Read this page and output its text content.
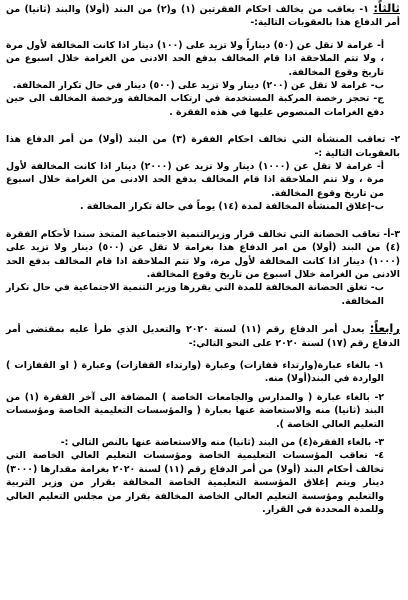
ثالثاً: ١- يعاقب من يخالف احكام الفقرتين (١) و(٢) من البند (أولا) والبند (ثانيا) من أمر الدفاع هذا بالعقوبات التالية:-

أ- غرامة لا تقل عن (٥٠) ديناراً ولا تزيد على (١٠٠) دينار اذا كانت المخالفة لأول مرة ، ولا تتم الملاحقة اذا قام المخالف بدفع الحد الادنى من الغرامة خلال اسبوع من تاريخ وقوع المخالفة.

ب- غرامة لا تقل عن (٢٠٠) دينار ولا تزيد على (٥٠٠) دينار في حال تكرار المخالفة.

ج- تحجز رخصة المركبة المستخدمة في ارتكاب المخالفة ورخصة المخالف الى حين دفع الغرامات المنصوص عليها في هذه الفقرة .

٢- تعاقب المنشأة التي تخالف احكام الفقرة (٣) من البند (أولا) من أمر الدفاع هذا بالعقوبات التالية :-

أ- غرامة لا تقل عن (١٠٠٠) دينار ولا تزيد عن (٢٠٠٠) دينار اذا كانت المخالفة لأول مرة ، ولا تتم الملاحقة اذا قام المخالف بدفع الحد الادنى من الغرامة خلال اسبوع من تاريخ وقوع المخالفة.

ب-إغلاق المنشأة المخالفة لمدة (١٤) يوماً في حالة تكرار المخالفة .

٣-أ- تعاقب الحضانة التي تخالف قرار وزيرالتنمية الاجتماعية المتخذ سندا لأحكام الفقرة (٤) من البند (أولا) من امر الدفاع هذا بغرامة لا تقل عن (٥٠٠) دينار ولا تزيد على (١٠٠٠) دينار اذا كانت المخالفة لأول مرة، ولا تتم الملاحقة اذا قام المخالف بدفع الحد الادنى من الغرامة خلال اسبوع من تاريخ وقوع المخالفة.

ب- تغلق الحضانة المخالفة للمدة التي يقررها وزير التنمية الاجتماعية في حال تكرار المخالفة.

رابعاً: يعدل أمر الدفاع رقم (١١) لسنة ٢٠٢٠ والتعديل الذي طرأ عليه بمقتضى أمر الدفاع رقم (١٧) لسنة ٢٠٢٠ على النحو التالي:-

١- بالغاء عبارة(وارتداء قفازات) وعبارة (وارتداء القفازات) وعبارة ( او القفازات ) الواردة في البند(أولا) منه.

٢- بالغاء عبارة ( والمدارس والجامعات الخاصة ) المضافة الى آخر الفقرة (١) من البند (ثانيا) منه والاستعاضة عنها بعبارة ( والمؤسسات التعليمية الخاصة ومؤسسات التعليم العالي الخاصة ).

٣- بالغاء الفقرة(٤) من البند (ثانيا) منه والاستعاضة عنها بالنص التالي :-

٤- تعاقب المؤسسات التعليمية الخاصة ومؤسسات التعليم العالي الخاصة التي تخالف أحكام البند (أولا) من أمر الدفاع رقم (١١) لسنة ٢٠٢٠ بغرامة مقدارها (٣٠٠٠) دينار ويتم إغلاق المؤسسة التعليمية الخاصة المخالفة بقرار من وزير التربية والتعليم ومؤسسة التعليم العالي الخاصة المخالفة بقرار من مجلس التعليم العالي وللمدة المحددة في القرار.
